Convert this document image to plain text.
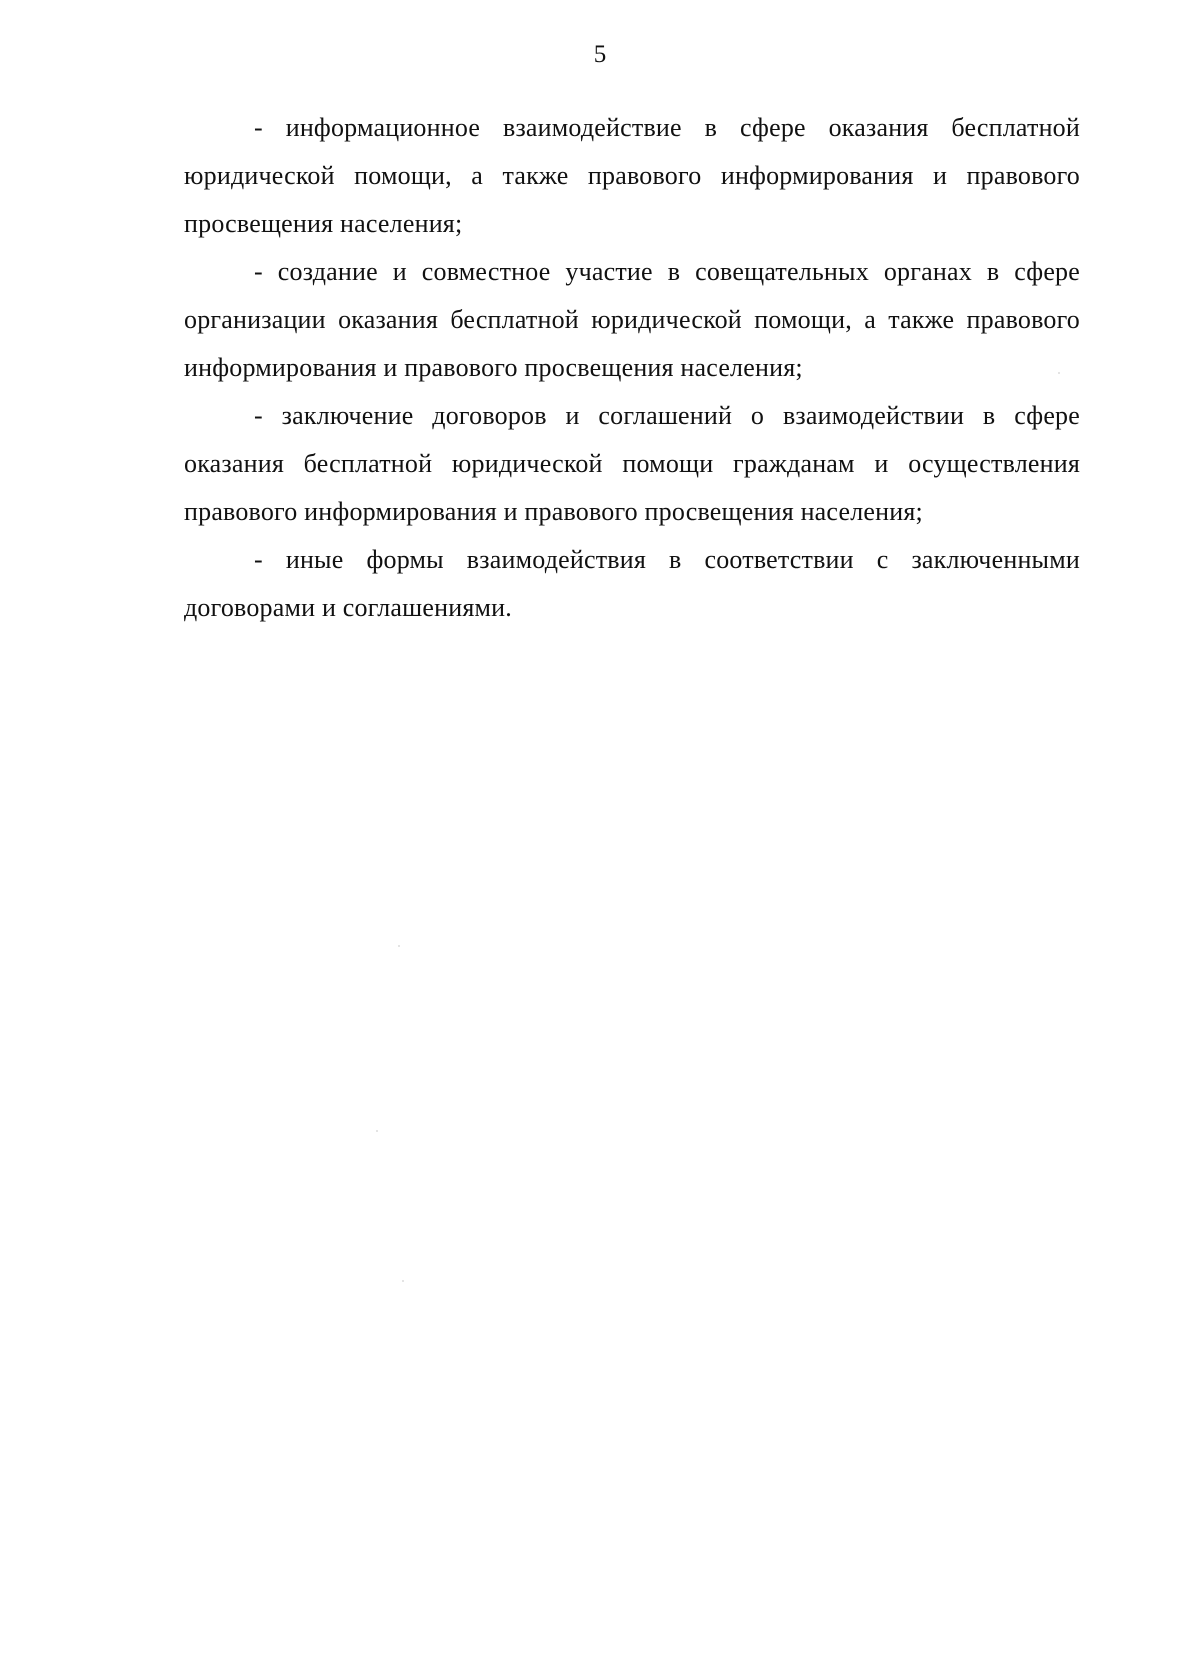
5

- информационное взаимодействие в сфере оказания бесплатной юридической помощи, а также правового информирования и правового просвещения населения;

- создание и совместное участие в совещательных органах в сфере организации оказания бесплатной юридической помощи, а также правового информирования и правового просвещения населения;

- заключение договоров и соглашений о взаимодействии в сфере оказания бесплатной юридической помощи гражданам и осуществления правового информирования и правового просвещения населения;

- иные формы взаимодействия в соответствии с заключенными договорами и соглашениями.
